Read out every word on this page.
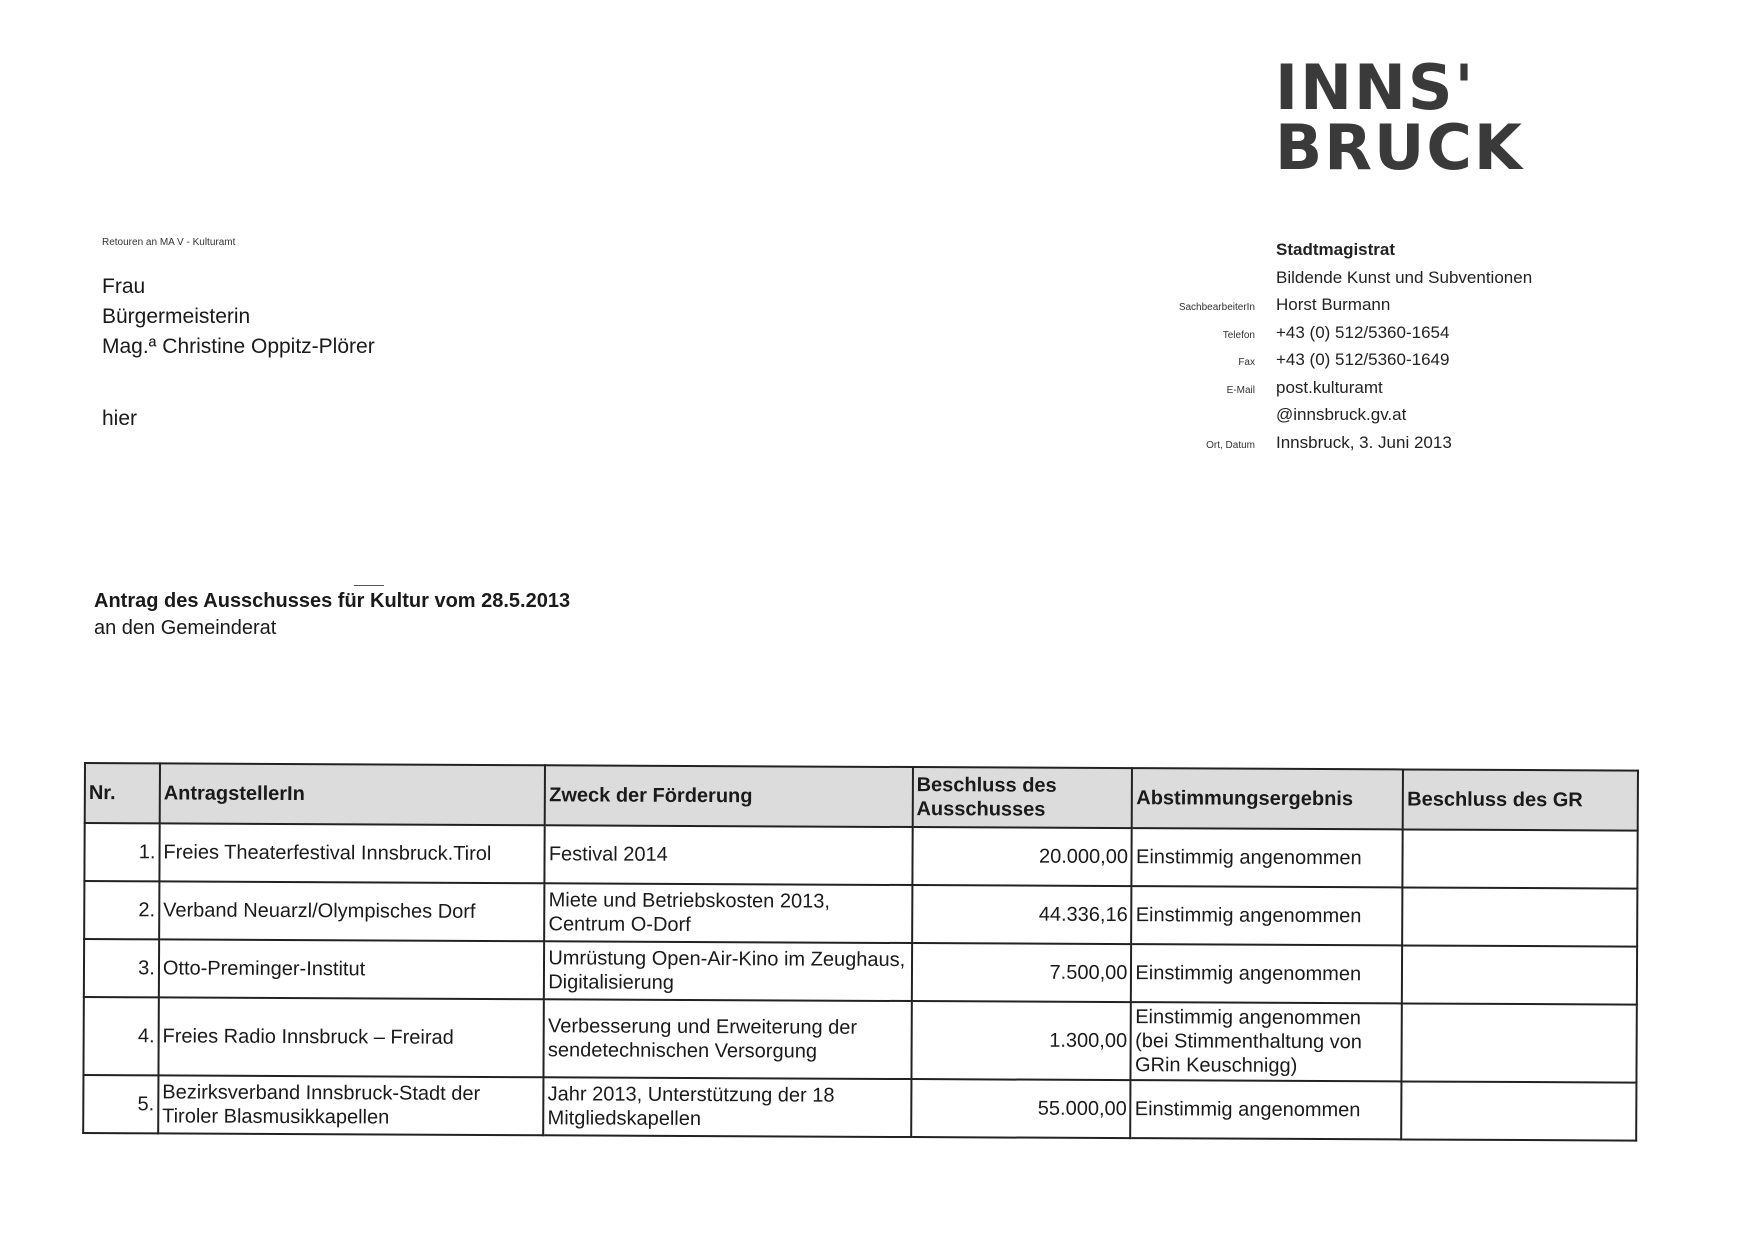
INNS'
BRUCK
Retouren an MA V - Kulturamt
Frau
Bürgermeisterin
Mag.ª Christine Oppitz-Plörer
hier
Stadtmagistrat
Bildende Kunst und Subventionen
SachbearbeiterIn	Horst Burmann
Telefon	+43 (0) 512/5360-1654
Fax	+43 (0) 512/5360-1649
E-Mail	post.kulturamt
@innsbruck.gv.at
Ort, Datum	Innsbruck, 3. Juni 2013
Antrag des Ausschusses für Kultur vom 28.5.2013
an den Gemeinderat
Nr.	AntragstellerIn	Zweck der Förderung	Beschluss des Ausschusses	Abstimmungsergebnis	Beschluss des GR
1.	Freies Theaterfestival Innsbruck.Tirol	Festival 2014	20.000,00	Einstimmig angenommen	
2.	Verband Neuarzl/Olympisches Dorf	Miete und Betriebskosten 2013, Centrum O-Dorf	44.336,16	Einstimmig angenommen	
3.	Otto-Preminger-Institut	Umrüstung Open-Air-Kino im Zeughaus, Digitalisierung	7.500,00	Einstimmig angenommen	
4.	Freies Radio Innsbruck – Freirad	Verbesserung und Erweiterung der sendetechnischen Versorgung	1.300,00	Einstimmig angenommen (bei Stimmenthaltung von GRin Keuschnigg)	
5.	Bezirksverband Innsbruck-Stadt der Tiroler Blasmusikkapellen	Jahr 2013, Unterstützung der 18 Mitgliedskapellen	55.000,00	Einstimmig angenommen	
